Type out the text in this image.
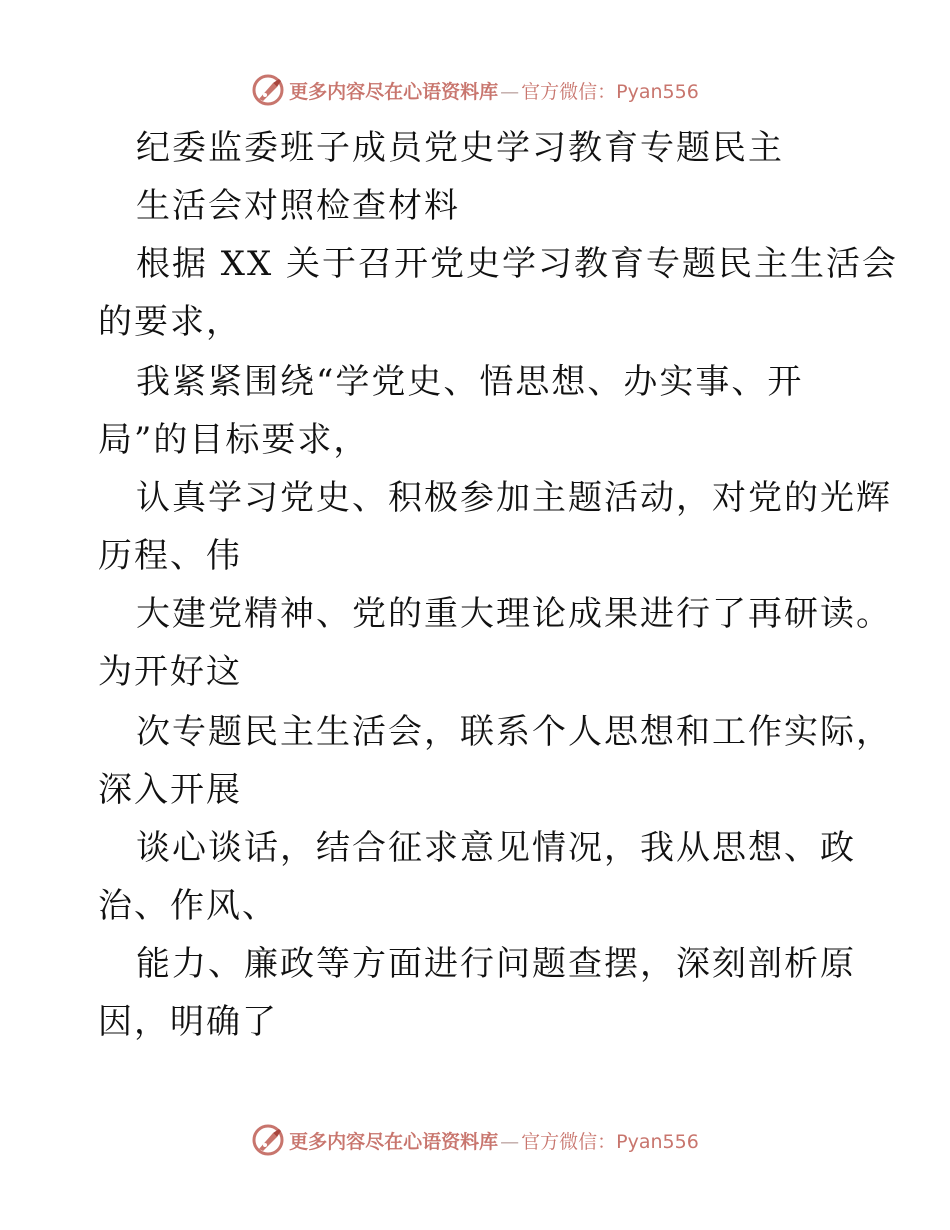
更多内容尽在心语资料库 — 官方微信：Pyan556
纪委监委班子成员党史学习教育专题民主
生活会对照检查材料
根据 XX 关于召开党史学习教育专题民主生活会
的要求，
我紧紧围绕“学党史、悟思想、办实事、开
局”的目标要求，
认真学习党史、积极参加主题活动，对党的光辉
历程、伟
大建党精神、党的重大理论成果进行了再研读。
为开好这
次专题民主生活会，联系个人思想和工作实际，
深入开展
谈心谈话，结合征求意见情况，我从思想、政
治、作风、
能力、廉政等方面进行问题查摆，深刻剖析原
因，明确了
更多内容尽在心语资料库 — 官方微信：Pyan556
